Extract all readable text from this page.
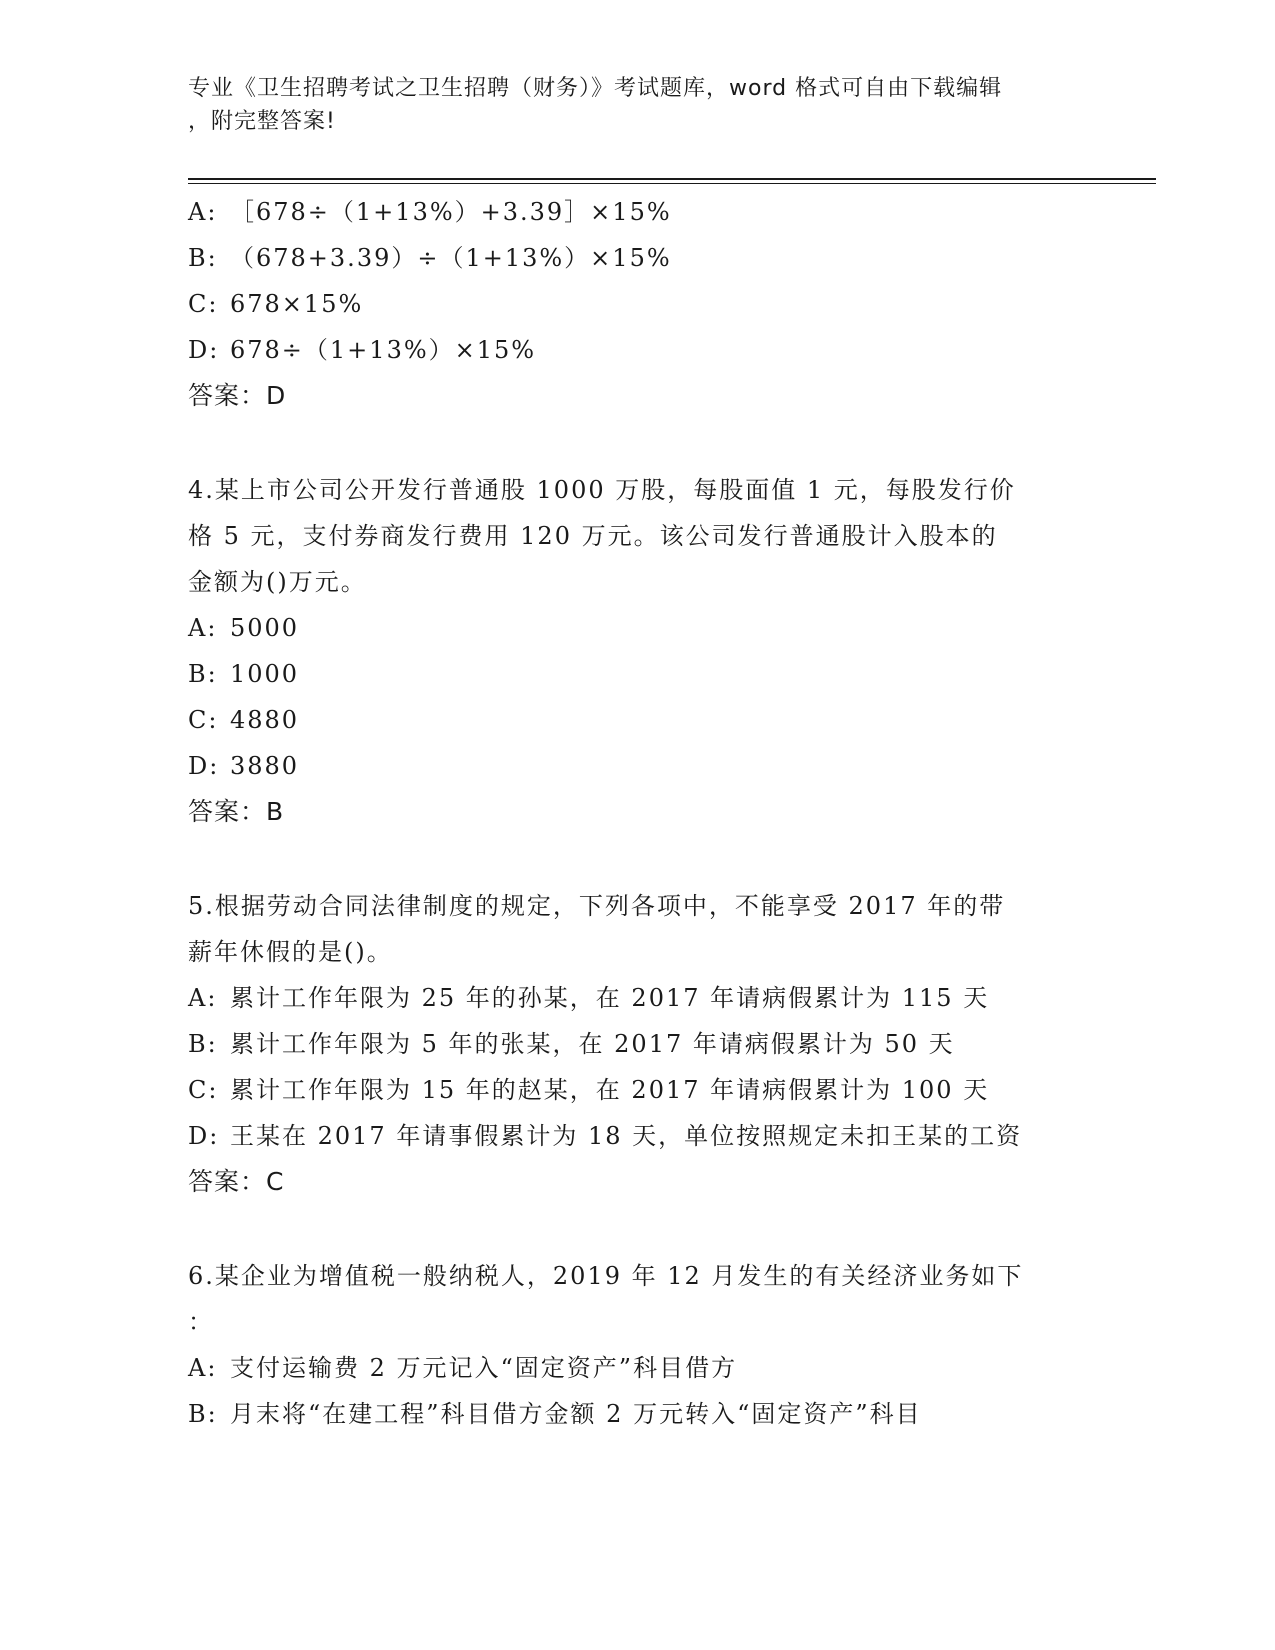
专业《卫生招聘考试之卫生招聘（财务）》考试题库，word 格式可自由下载编辑
，附完整答案!
A: ［678÷（1+13%）+3.39］×15%
B: （678+3.39）÷（1+13%）×15%
C: 678×15%
D: 678÷（1+13%）×15%
答案：D
4.某上市公司公开发行普通股 1000 万股，每股面值 1 元，每股发行价
格 5 元，支付券商发行费用 120 万元。该公司发行普通股计入股本的
金额为()万元。
A: 5000
B: 1000
C: 4880
D: 3880
答案：B
5.根据劳动合同法律制度的规定，下列各项中，不能享受 2017 年的带
薪年休假的是()。
A: 累计工作年限为 25 年的孙某，在 2017 年请病假累计为 115 天
B: 累计工作年限为 5 年的张某，在 2017 年请病假累计为 50 天
C: 累计工作年限为 15 年的赵某，在 2017 年请病假累计为 100 天
D: 王某在 2017 年请事假累计为 18 天，单位按照规定未扣王某的工资
答案：C
6.某企业为增值税一般纳税人，2019 年 12 月发生的有关经济业务如下
：
A: 支付运输费 2 万元记入“固定资产”科目借方
B: 月末将“在建工程”科目借方金额 2 万元转入“固定资产”科目
